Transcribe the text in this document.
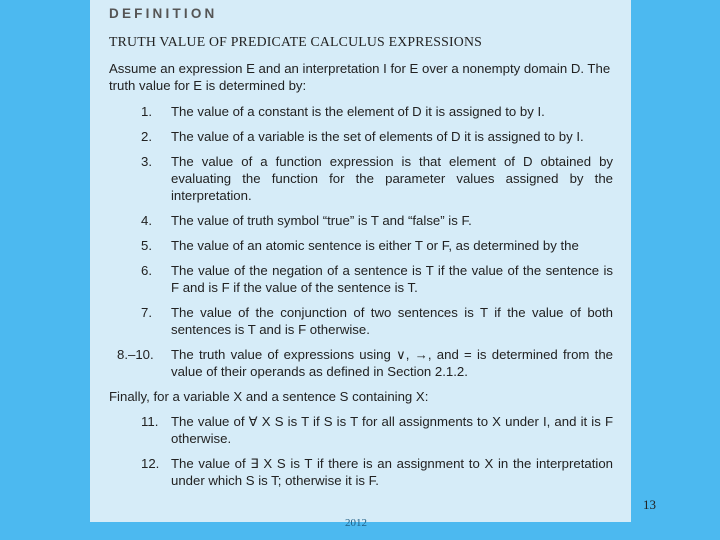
DEFINITION
TRUTH VALUE OF PREDICATE CALCULUS EXPRESSIONS
Assume an expression E and an interpretation I for E over a nonempty domain D. The truth value for E is determined by:
1.	The value of a constant is the element of D it is assigned to by I.
2.	The value of a variable is the set of elements of D it is assigned to by I.
3.	The value of a function expression is that element of D obtained by evaluating the function for the parameter values assigned by the interpretation.
4.	The value of truth symbol “true” is T and “false” is F.
5.	The value of an atomic sentence is either T or F, as determined by the
6.	The value of the negation of a sentence is T if the value of the sentence is F and is F if the value of the sentence is T.
7.	The value of the conjunction of two sentences is T if the value of both sentences is T and is F otherwise.
8.–10.	The truth value of expressions using ∨, →, and = is determined from the value of their operands as defined in Section 2.1.2.
Finally, for a variable X and a sentence S containing X:
11. The value of ∀ X S is T if S is T for all assignments to X under I, and it is F otherwise.
12. The value of ∃ X S is T if there is an assignment to X in the interpretation under which S is T; otherwise it is F.
13
2012
